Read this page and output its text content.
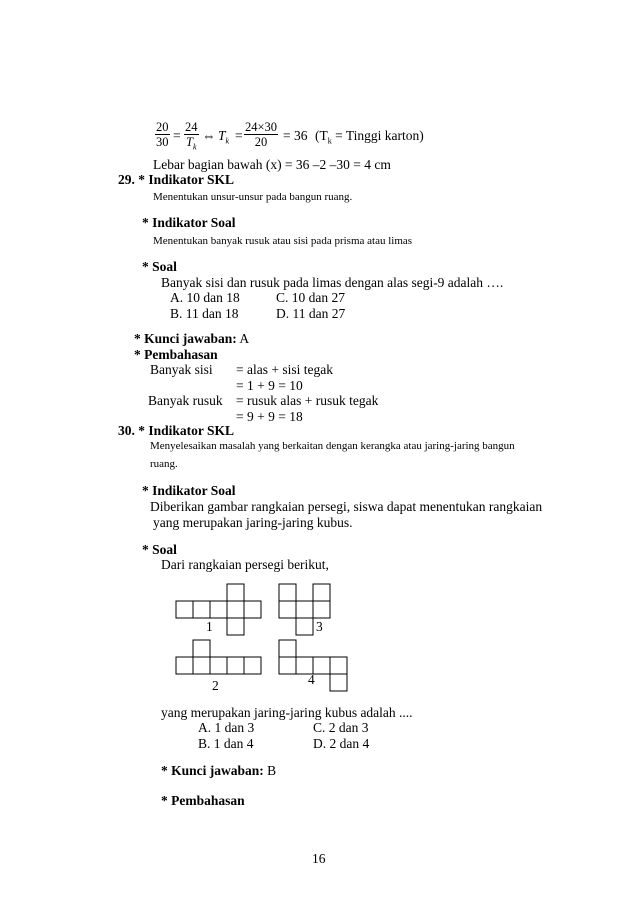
$\frac{20}{30} = \frac{24}{T_k}$ ⇔ $T_k = \frac{24\times 30}{20} = 36$ ($T_k$ = Tinggi karton)
Lebar bagian bawah (x) = 36 –2 –30 = 4 cm
29. * Indikator SKL
Menentukan unsur-unsur pada bangun ruang.
* Indikator Soal
Menentukan banyak rusuk atau sisi pada prisma atau limas
* Soal
Banyak sisi dan rusuk pada limas dengan alas segi-9 adalah ….
A. 10 dan 18
B. 11 dan 18
C. 10 dan 27
D. 11 dan 27
* Kunci jawaban: A
* Pembahasan
Banyak sisi = alas + sisi tegak
= 1 + 9 = 10
Banyak rusuk = rusuk alas + rusuk tegak
= 9 + 9 = 18
30. * Indikator SKL
Menyelesaikan masalah yang berkaitan dengan kerangka atau jaring-jaring bangun
ruang.
* Indikator Soal
Diberikan gambar rangkaian persegi, siswa dapat menentukan rangkaian
yang merupakan jaring-jaring kubus.
* Soal
Dari rangkaian persegi berikut,
1	3
2	4
yang merupakan jaring-jaring kubus adalah ....
A. 1 dan 3
B. 1 dan 4
C. 2 dan 3
D. 2 dan 4
* Kunci jawaban: B
* Pembahasan
16
